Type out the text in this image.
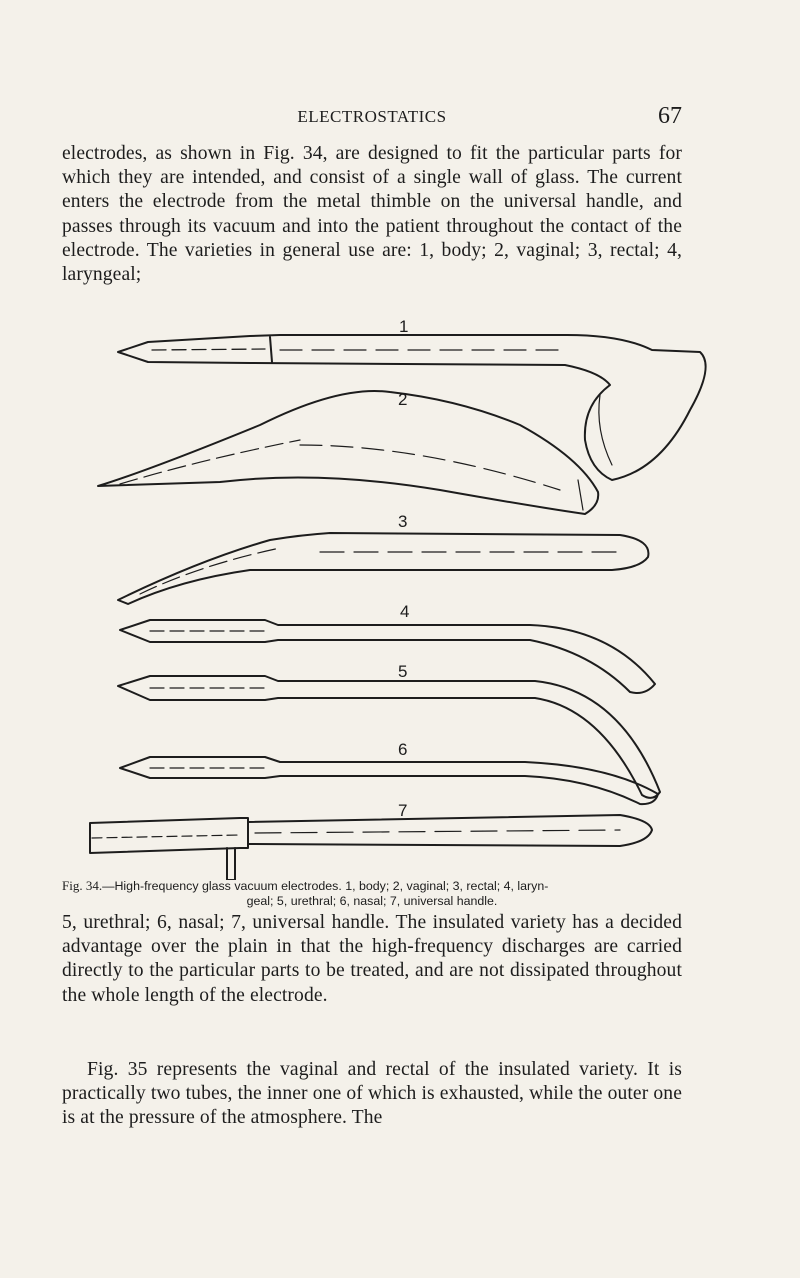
ELECTROSTATICS	67

electrodes, as shown in Fig. 34, are designed to fit the particular parts for which they are intended, and consist of a single wall of glass. The current enters the electrode from the metal thimble on the universal handle, and passes through its vacuum and into the patient throughout the contact of the electrode. The varieties in general use are: 1, body; 2, vaginal; 3, rectal; 4, laryngeal;

1
2
3
4
5
6
7

Fig. 34.—High-frequency glass vacuum electrodes. 1, body; 2, vaginal; 3, rectal; 4, laryn-
geal; 5, urethral; 6, nasal; 7, universal handle.

5, urethral; 6, nasal; 7, universal handle. The insulated variety has a decided advantage over the plain in that the high-frequency discharges are carried directly to the particular parts to be treated, and are not dissipated throughout the whole length of the electrode.

Fig. 35 represents the vaginal and rectal of the insulated variety. It is practically two tubes, the inner one of which is exhausted, while the outer one is at the pressure of the atmosphere. The
